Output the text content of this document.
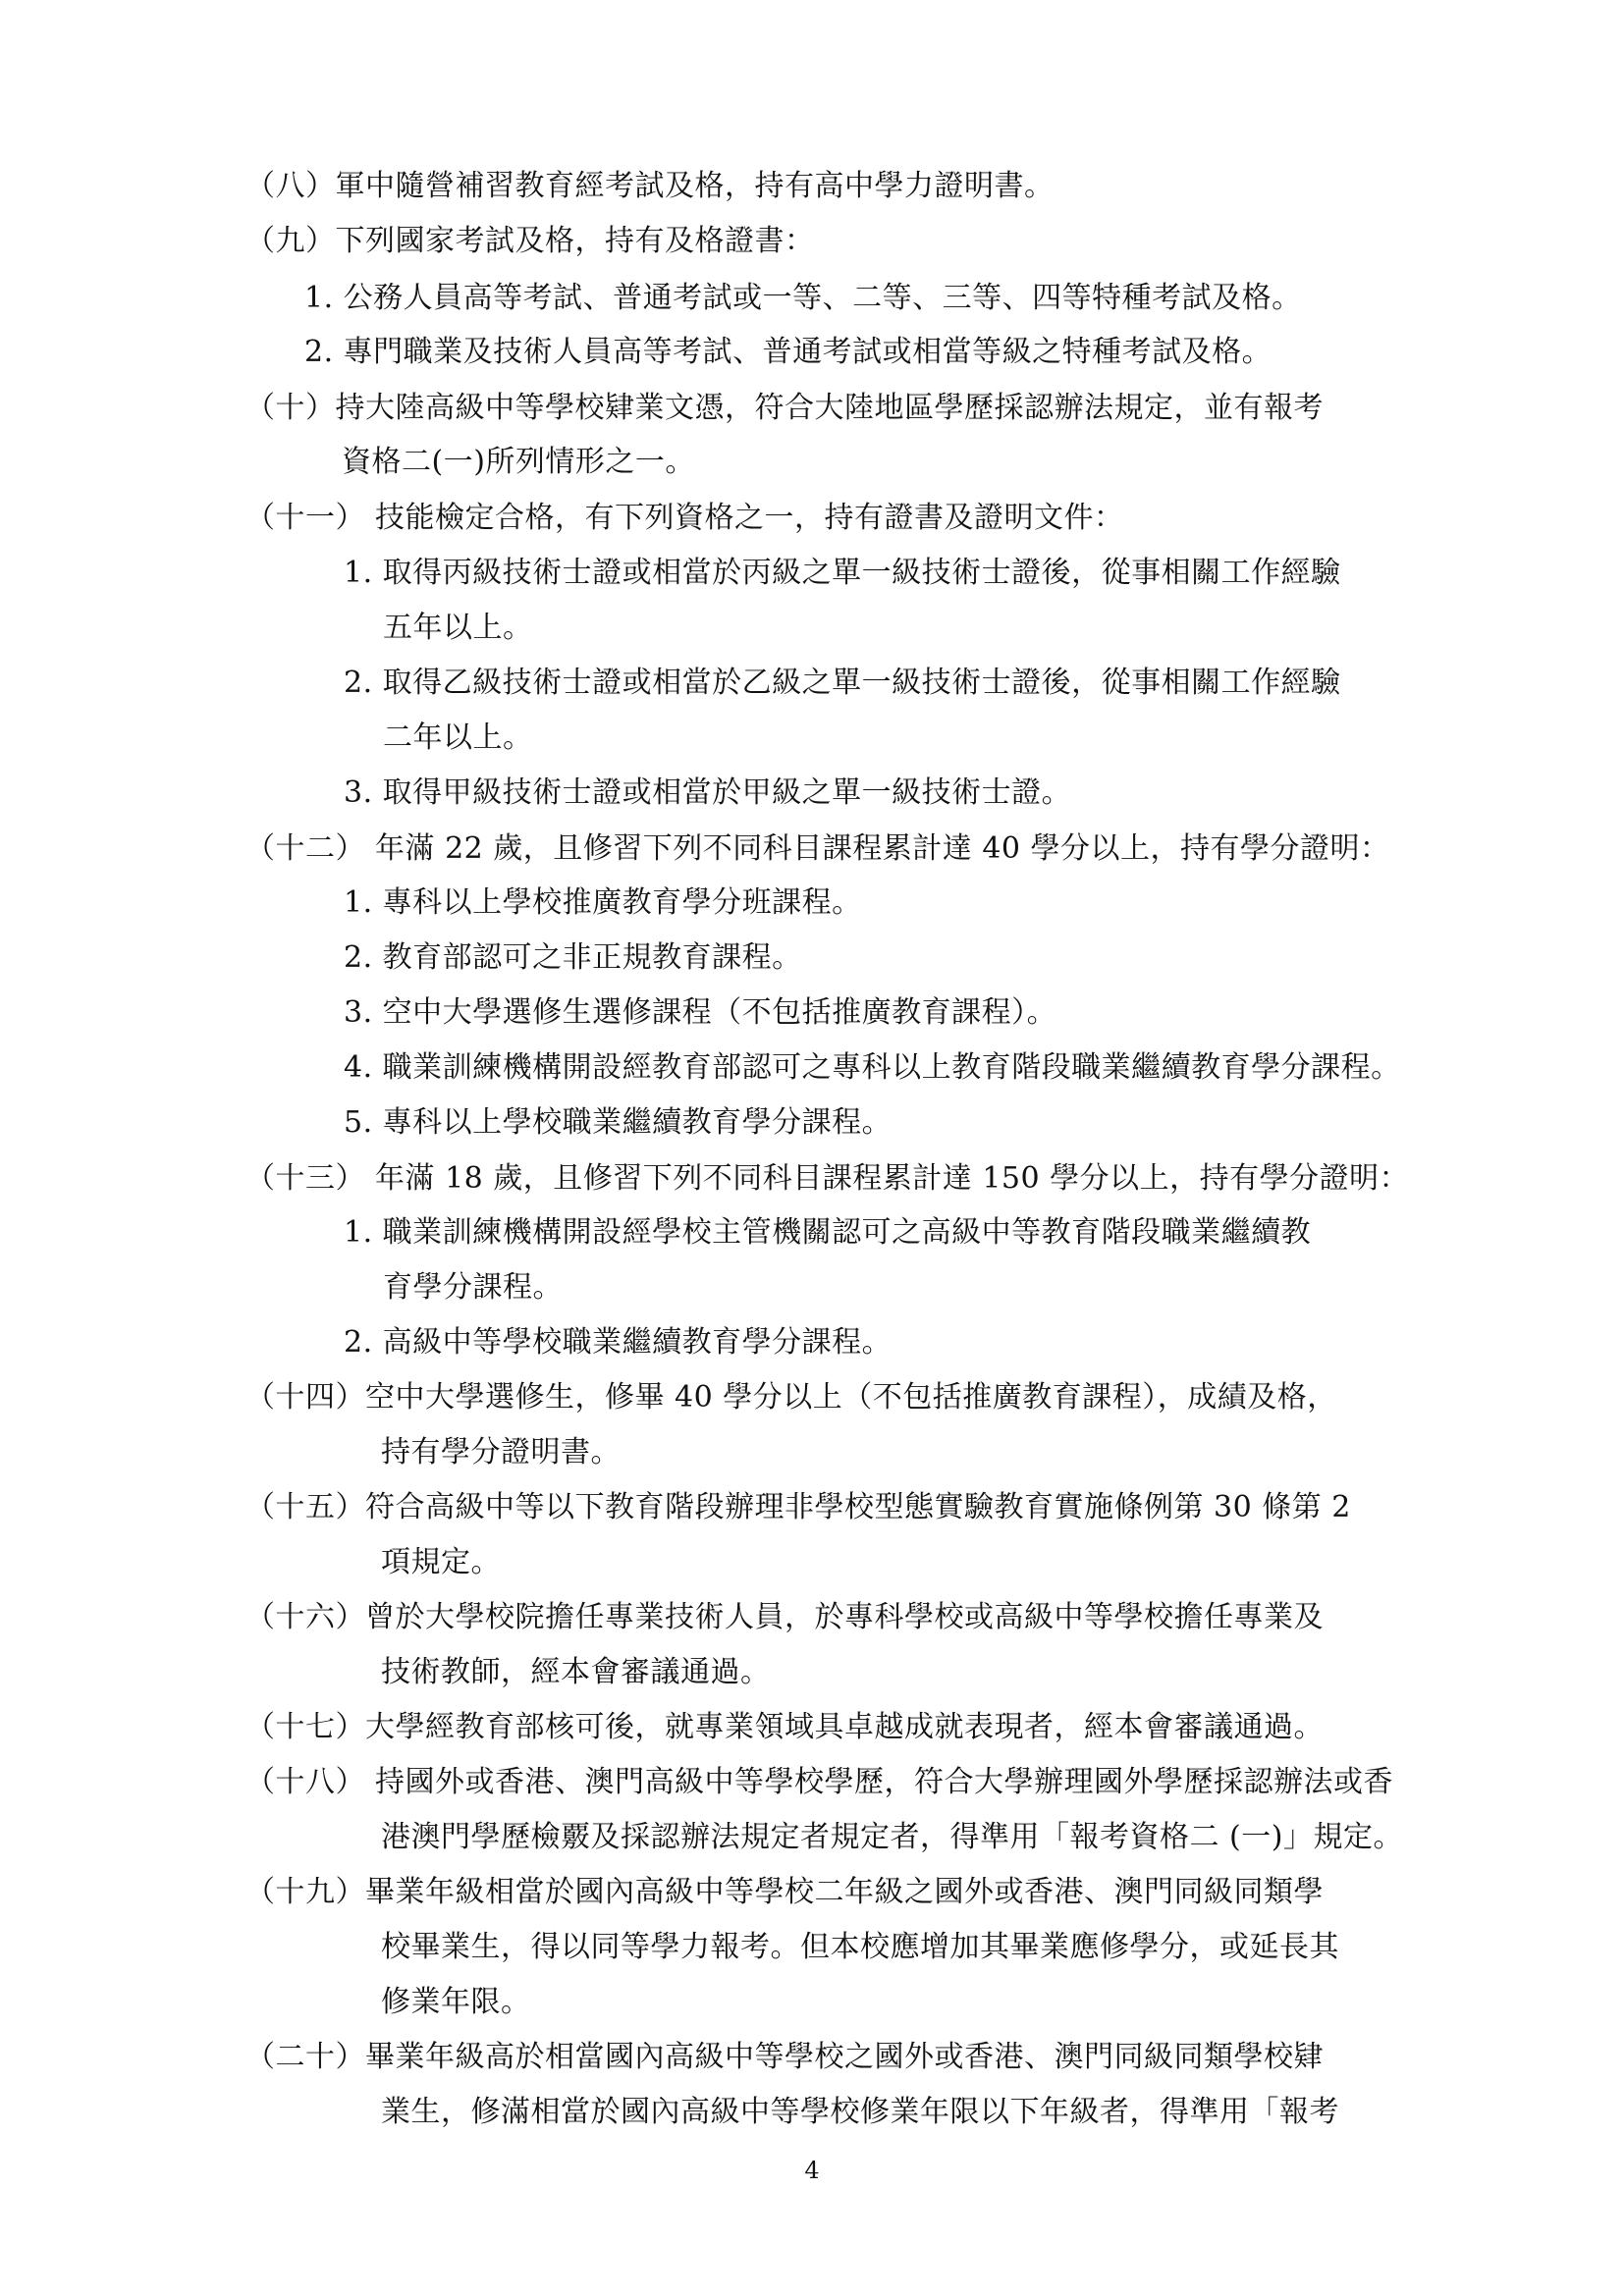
（八）軍中隨營補習教育經考試及格，持有高中學力證明書。
（九）下列國家考試及格，持有及格證書：
1. 公務人員高等考試、普通考試或一等、二等、三等、四等特種考試及格。
2. 專門職業及技術人員高等考試、普通考試或相當等級之特種考試及格。
（十）持大陸高級中等學校肄業文憑，符合大陸地區學歷採認辦法規定，並有報考
資格二(一)所列情形之一。
（十一） 技能檢定合格，有下列資格之一，持有證書及證明文件：
1. 取得丙級技術士證或相當於丙級之單一級技術士證後，從事相關工作經驗
五年以上。
2. 取得乙級技術士證或相當於乙級之單一級技術士證後，從事相關工作經驗
二年以上。
3. 取得甲級技術士證或相當於甲級之單一級技術士證。
（十二） 年滿 22 歲，且修習下列不同科目課程累計達 40 學分以上，持有學分證明：
1. 專科以上學校推廣教育學分班課程。
2. 教育部認可之非正規教育課程。
3. 空中大學選修生選修課程（不包括推廣教育課程）。
4. 職業訓練機構開設經教育部認可之專科以上教育階段職業繼續教育學分課程。
5. 專科以上學校職業繼續教育學分課程。
（十三） 年滿 18 歲，且修習下列不同科目課程累計達 150 學分以上，持有學分證明：
1. 職業訓練機構開設經學校主管機關認可之高級中等教育階段職業繼續教
育學分課程。
2. 高級中等學校職業繼續教育學分課程。
（十四）空中大學選修生，修畢 40 學分以上（不包括推廣教育課程），成績及格，
持有學分證明書。
（十五）符合高級中等以下教育階段辦理非學校型態實驗教育實施條例第 30 條第 2
項規定。
（十六）曾於大學校院擔任專業技術人員，於專科學校或高級中等學校擔任專業及
技術教師，經本會審議通過。
（十七）大學經教育部核可後，就專業領域具卓越成就表現者，經本會審議通過。
（十八） 持國外或香港、澳門高級中等學校學歷，符合大學辦理國外學歷採認辦法或香
港澳門學歷檢覈及採認辦法規定者規定者，得準用「報考資格二 (一)」規定。
（十九）畢業年級相當於國內高級中等學校二年級之國外或香港、澳門同級同類學
校畢業生，得以同等學力報考。但本校應增加其畢業應修學分，或延長其
修業年限。
（二十）畢業年級高於相當國內高級中等學校之國外或香港、澳門同級同類學校肄
業生，修滿相當於國內高級中等學校修業年限以下年級者，得準用「報考
4
